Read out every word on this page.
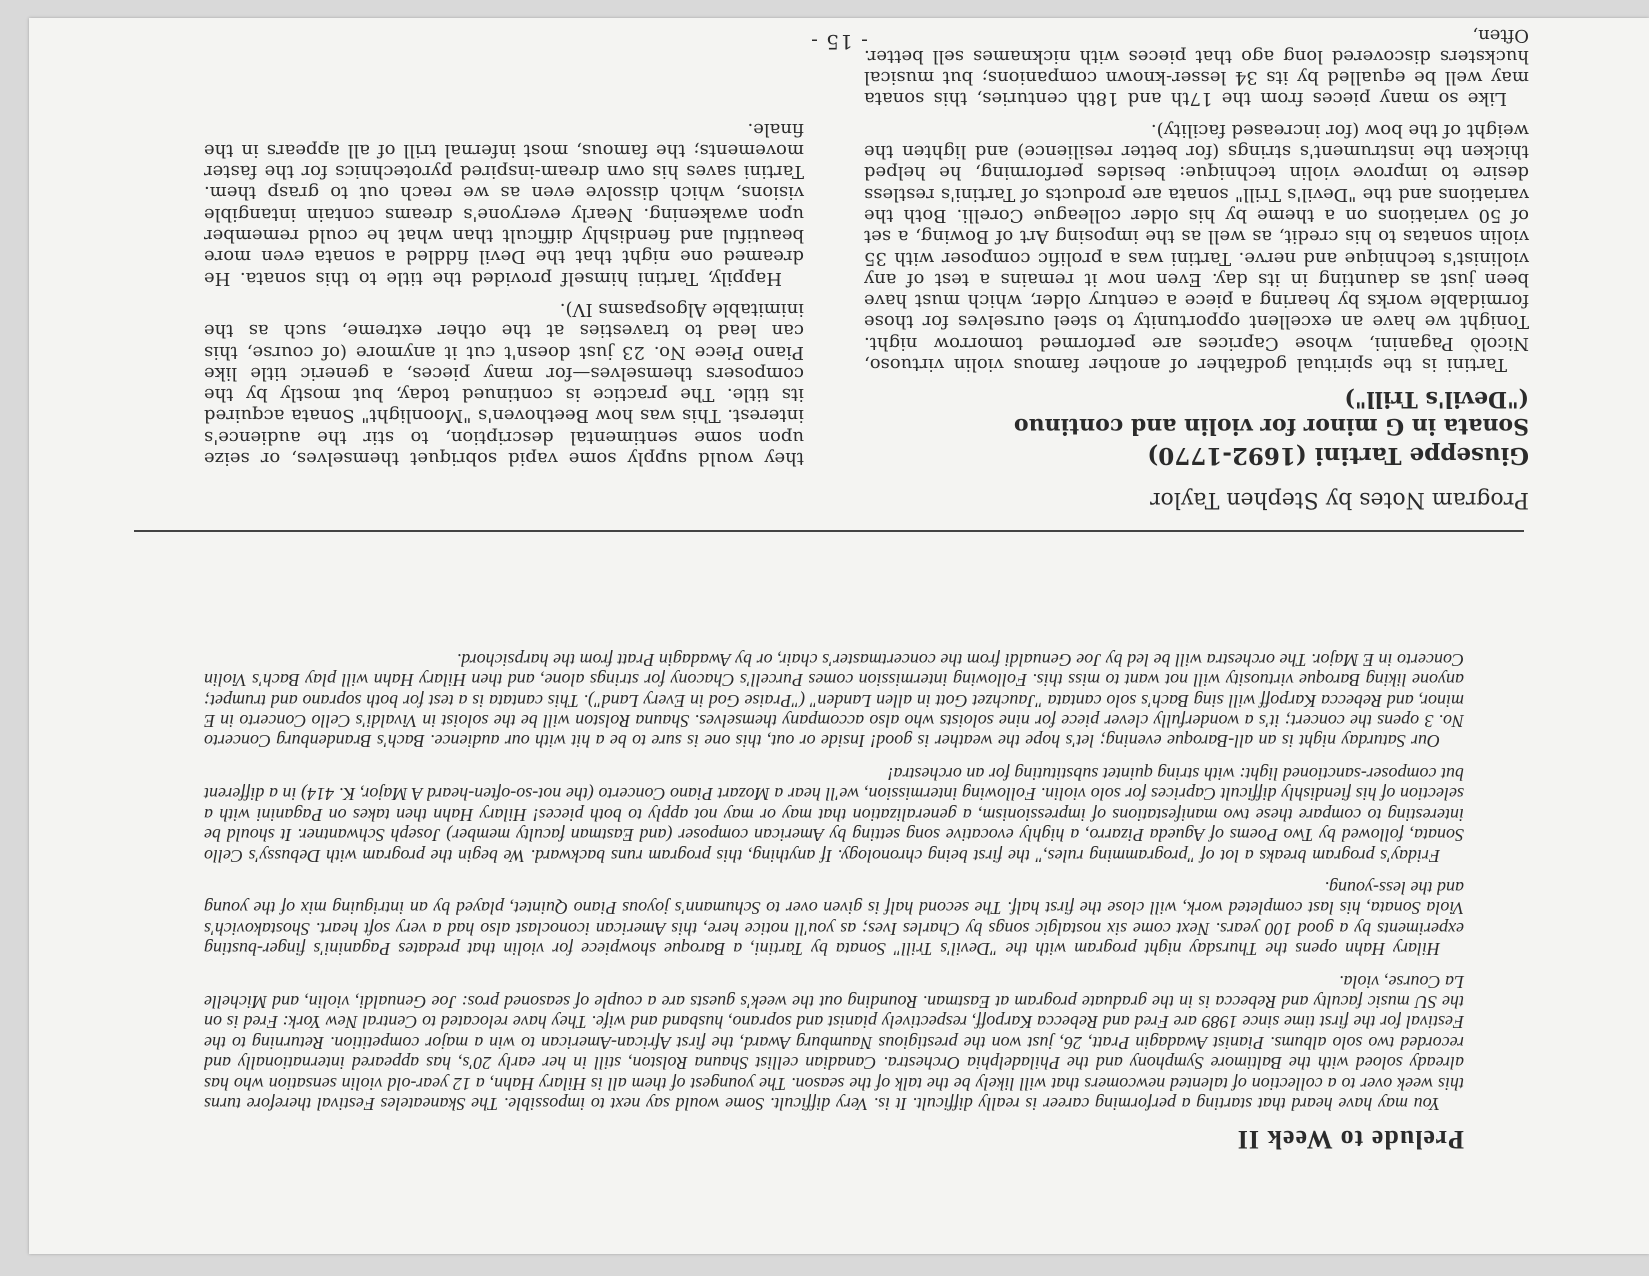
Prelude to Week II

You may have heard that starting a performing career is really difficult. It is. Very difficult. Some would say next to impossible. The Skaneateles Festival therefore turns this week over to a collection of talented newcomers that will likely be the talk of the season. The youngest of them all is Hilary Hahn, a 12 year-old violin sensation who has already soloed with the Baltimore Symphony and the Philadelphia Orchestra. Canadian cellist Shauna Rolston, still in her early 20's, has appeared internationally and recorded two solo albums. Pianist Awadagin Pratt, 26, just won the prestigious Naumburg Award, the first African-American to win a major competition. Returning to the Festival for the first time since 1989 are Fred and Rebecca Karpoff, respectively pianist and soprano, husband and wife. They have relocated to Central New York: Fred is on the SU music faculty and Rebecca is in the graduate program at Eastman. Rounding out the week's guests are a couple of seasoned pros: Joe Genualdi, violin, and Michelle La Course, viola.

Hilary Hahn opens the Thursday night program with the "Devil's Trill" Sonata by Tartini, a Baroque showpiece for violin that predates Paganini's finger-busting experiments by a good 100 years. Next come six nostalgic songs by Charles Ives; as you'll notice here, this American iconoclast also had a very soft heart. Shostakovich's Viola Sonata, his last completed work, will close the first half. The second half is given over to Schumann's joyous Piano Quintet, played by an intriguing mix of the young and the less-young.

Friday's program breaks a lot of "programming rules," the first being chronology. If anything, this program runs backward. We begin the program with Debussy's Cello Sonata, followed by Two Poems of Agueda Pizarro, a highly evocative song setting by American composer (and Eastman faculty member) Joseph Schwantner. It should be interesting to compare these two manifestations of impressionism, a generalization that may or may not apply to both pieces! Hilary Hahn then takes on Paganini with a selection of his fiendishly difficult Caprices for solo violin. Following intermission, we'll hear a Mozart Piano Concerto (the not-so-often-heard A Major, K. 414) in a different but composer-sanctioned light: with string quintet substituting for an orchestra!

Our Saturday night is an all-Baroque evening; let's hope the weather is good! Inside or out, this one is sure to be a hit with our audience. Bach's Brandenburg Concerto No. 3 opens the concert; it's a wonderfully clever piece for nine soloists who also accompany themselves. Shauna Rolston will be the soloist in Vivaldi's Cello Concerto in E minor, and Rebecca Karpoff will sing Bach's solo cantata "Jauchzet Gott in allen Landen" ("Praise God in Every Land"). This cantata is a test for both soprano and trumpet; anyone liking Baroque virtuosity will not want to miss this. Following intermission comes Purcell's Chacony for strings alone, and then Hilary Hahn will play Bach's Violin Concerto in E Major. The orchestra will be led by Joe Genualdi from the concertmaster's chair, or by Awadagin Pratt from the harpsichord.

Program Notes by Stephen Taylor
Giuseppe Tartini (1692-1770)
Sonata in G minor for violin and continuo
("Devil's Trill")

Tartini is the spiritual godfather of another famous violin virtuoso, Nicolò Paganini, whose Caprices are performed tomorrow night. Tonight we have an excellent opportunity to steel ourselves for those formidable works by hearing a piece a century older, which must have been just as daunting in its day. Even now it remains a test of any violinist's technique and nerve. Tartini was a prolific composer with 35 violin sonatas to his credit, as well as the imposing Art of Bowing, a set of 50 variations on a theme by his older colleague Corelli. Both the variations and the "Devil's Trill" sonata are products of Tartini's restless desire to improve violin technique: besides performing, he helped thicken the instrument's strings (for better resilience) and lighten the weight of the bow (for increased facility).

Like so many pieces from the 17th and 18th centuries, this sonata may well be equalled by its 34 lesser-known companions; but musical hucksters discovered long ago that pieces with nicknames sell better. Often,

they would supply some vapid sobriquet themselves, or seize upon some sentimental description, to stir the audience's interest. This was how Beethoven's "Moonlight" Sonata acquired its title. The practice is continued today, but mostly by the composers themselves—for many pieces, a generic title like Piano Piece No. 23 just doesn't cut it anymore (of course, this can lead to travesties at the other extreme, such as the inimitable Algospasms IV).

Happily, Tartini himself provided the title to this sonata. He dreamed one night that the Devil fiddled a sonata even more beautiful and fiendishly difficult than what he could remember upon awakening. Nearly everyone's dreams contain intangible visions, which dissolve even as we reach out to grasp them. Tartini saves his own dream-inspired pyrotechnics for the faster movements; the famous, most infernal trill of all appears in the finale.

- 15 -
